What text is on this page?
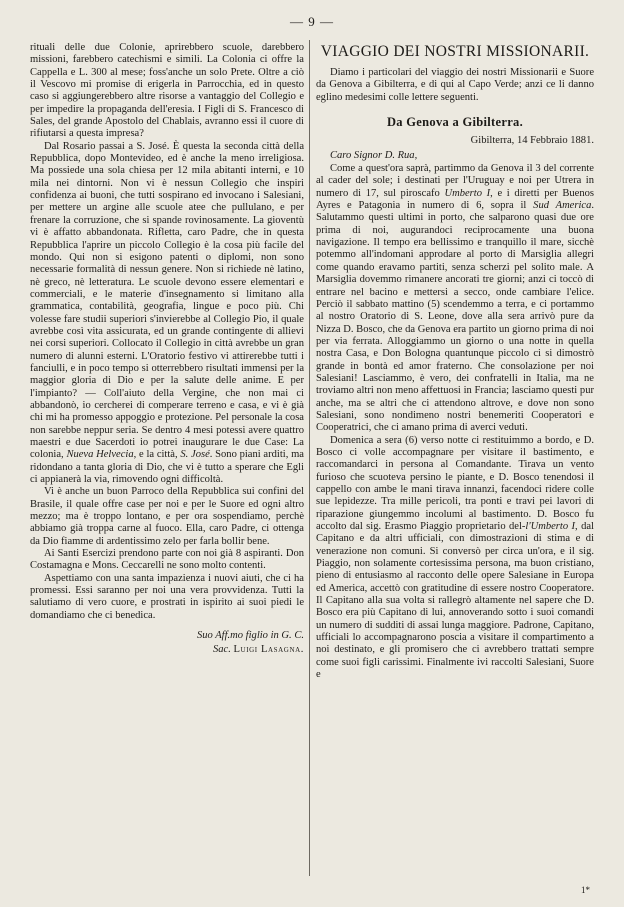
— 9 —

rituali delle due Colonie, aprirebbero scuole, darebbero missioni, farebbero catechismi e simili. La Colonia ci offre la Cappella e L. 300 al mese; foss'anche un solo Prete. Oltre a ciò il Vescovo mi promise di erigerla in Parrocchia, ed in questo caso si aggiungerebbero altre risorse a vantaggio del Collegio e per impedire la propaganda dell'eresia. I Figli di S. Francesco di Sales, del grande Apostolo del Chablais, avranno essi il cuore di rifiutarsi a questa impresa?

Dal Rosario passai a S. José. È questa la seconda città della Repubblica, dopo Montevideo, ed è anche la meno irreligiosa. Ma possiede una sola chiesa per 12 mila abitanti interni, e 10 mila nei dintorni. Non vi è nessun Collegio che inspiri confidenza ai buoni, che tutti sospirano ed invocano i Salesiani, per mettere un argine alle scuole atee che pullulano, e per frenare la corruzione, che si spande rovinosamente. La gioventù vi è affatto abbandonata. Rifletta, caro Padre, che in questa Repubblica l'aprire un piccolo Collegio è la cosa più facile del mondo. Qui non si esigono patenti o diplomi, non sono necessarie formalità di nessun genere. Non si richiede nè latino, nè greco, nè letteratura. Le scuole devono essere elementari e commerciali, e le materie d'insegnamento si limitano alla grammatica, contabilità, geografia, lingue e poco più. Chi volesse fare studii superiori s'invierebbe al Collegio Pio, il quale avrebbe così vita assicurata, ed un grande contingente di allievi nei corsi superiori. Collocato il Collegio in città avrebbe un gran numero di alunni esterni. L'Oratorio festivo vi attirerebbe tutti i fanciulli, e in poco tempo si otterrebbero risultati immensi per la maggior gloria di Dio e per la salute delle anime. E per l'impianto? — Coll'aiuto della Vergine, che non mai ci abbandonò, io cercherei di comperare terreno e casa, e vi è già chi mi ha promesso appoggio e protezione. Pel personale la cosa non sarebbe neppur seria. Se dentro 4 mesi potessi avere quattro maestri e due Sacerdoti io potrei inaugurare le due Case: La colonia, Nueva Helvecia, e la città, S. José. Sono piani arditi, ma ridondano a tanta gloria di Dio, che vi è tutto a sperare che Egli ci appianerà la via, rimovendo ogni difficoltà.

Vi è anche un buon Parroco della Repubblica sui confini del Brasile, il quale offre case per noi e per le Suore ed ogni altro mezzo; ma è troppo lontano, e per ora sospendiamo, perchè abbiamo già troppa carne al fuoco. Ella, caro Padre, ci ottenga da Dio fiamme di ardentissimo zelo per farla bollir bene.

Ai Santi Esercizi prendono parte con noi già 8 aspiranti. Don Costamagna e Mons. Ceccarelli ne sono molto contenti.

Aspettiamo con una santa impazienza i nuovi aiuti, che ci ha promessi. Essi saranno per noi una vera provvidenza. Tutti la salutiamo di vero cuore, e prostrati in ispirito ai suoi piedi le domandiamo che ci benedica.

Suo Aff.mo figlio in G. C.
Sac. Luigi Lasagna.
VIAGGIO DEI NOSTRI MISSIONARII.

Diamo i particolari del viaggio dei nostri Missionarii e Suore da Genova a Gibilterra, e di qui al Capo Verde; anzi ce li danno eglino medesimi colle lettere seguenti.

Da Genova a Gibilterra.

Gibilterra, 14 Febbraio 1881.

Caro Signor D. Rua,

Come a quest'ora saprà, partimmo da Genova il 3 del corrente al cader del sole; i destinati per l'Uruguay e noi per Utrera in numero di 17, sul piroscafo Umberto I, e i diretti per Buenos Ayres e Patagonia in numero di 6, sopra il Sud America. Salutammo questi ultimi in porto, che salparono quasi due ore prima di noi, augurandoci reciprocamente una buona navigazione. Il tempo era bellissimo e tranquillo il mare, sicchè potemmo all'indomani approdare al porto di Marsiglia allegri come quando eravamo partiti, senza scherzi pel solito male. A Marsiglia dovemmo rimanere ancorati tre giorni; anzi ci toccò di entrare nel bacino e mettersi a secco, onde cambiare l'elice. Perciò il sabbato mattino (5) scendemmo a terra, e ci portammo al nostro Oratorio di S. Leone, dove alla sera arrivò pure da Nizza D. Bosco, che da Genova era partito un giorno prima di noi per via ferrata. Alloggiammo un giorno o una notte in quella nostra Casa, e Don Bologna quantunque piccolo ci si dimostrò grande in bontà ed amor fraterno. Che consolazione per noi Salesiani! Lasciammo, è vero, dei confratelli in Italia, ma ne troviamo altri non meno affettuosi in Francia; lasciamo questi pur anche, ma se altri che ci attendono altrove, e dove non sono Salesiani, sono nondimeno nostri benemeriti Cooperatori e Cooperatrici, che ci amano prima di averci veduti.

Domenica a sera (6) verso notte ci restituimmo a bordo, e D. Bosco ci volle accompagnare per visitare il bastimento, e raccomandarci in persona al Comandante. Tirava un vento furioso che scuoteva persino le piante, e D. Bosco tenendosi il cappello con ambe le mani tirava innanzi, facendoci ridere colle sue lepidezze. Tra mille pericoli, tra ponti e travi pei lavori di riparazione giungemmo incolumi al bastimento. D. Bosco fu accolto dal sig. Erasmo Piaggio proprietario del-l'Umberto I, dal Capitano e da altri ufficiali, con dimostrazioni di stima e di venerazione non comuni. Si conversò per circa un'ora, e il sig. Piaggio, non solamente cortesissima persona, ma buon cristiano, pieno di entusiasmo al racconto delle opere Salesiane in Europa ed America, accettò con gratitudine di essere nostro Cooperatore. Il Capitano alla sua volta si rallegrò altamente nel sapere che D. Bosco era più Capitano di lui, annoverando sotto i suoi comandi un numero di sudditi di assai lunga maggiore. Padrone, Capitano, ufficiali lo accompagnarono poscia a visitare il compartimento a noi destinato, e gli promisero che ci avrebbero trattati sempre come suoi figli carissimi. Finalmente ivi raccolti Salesiani, Suore e

1*
